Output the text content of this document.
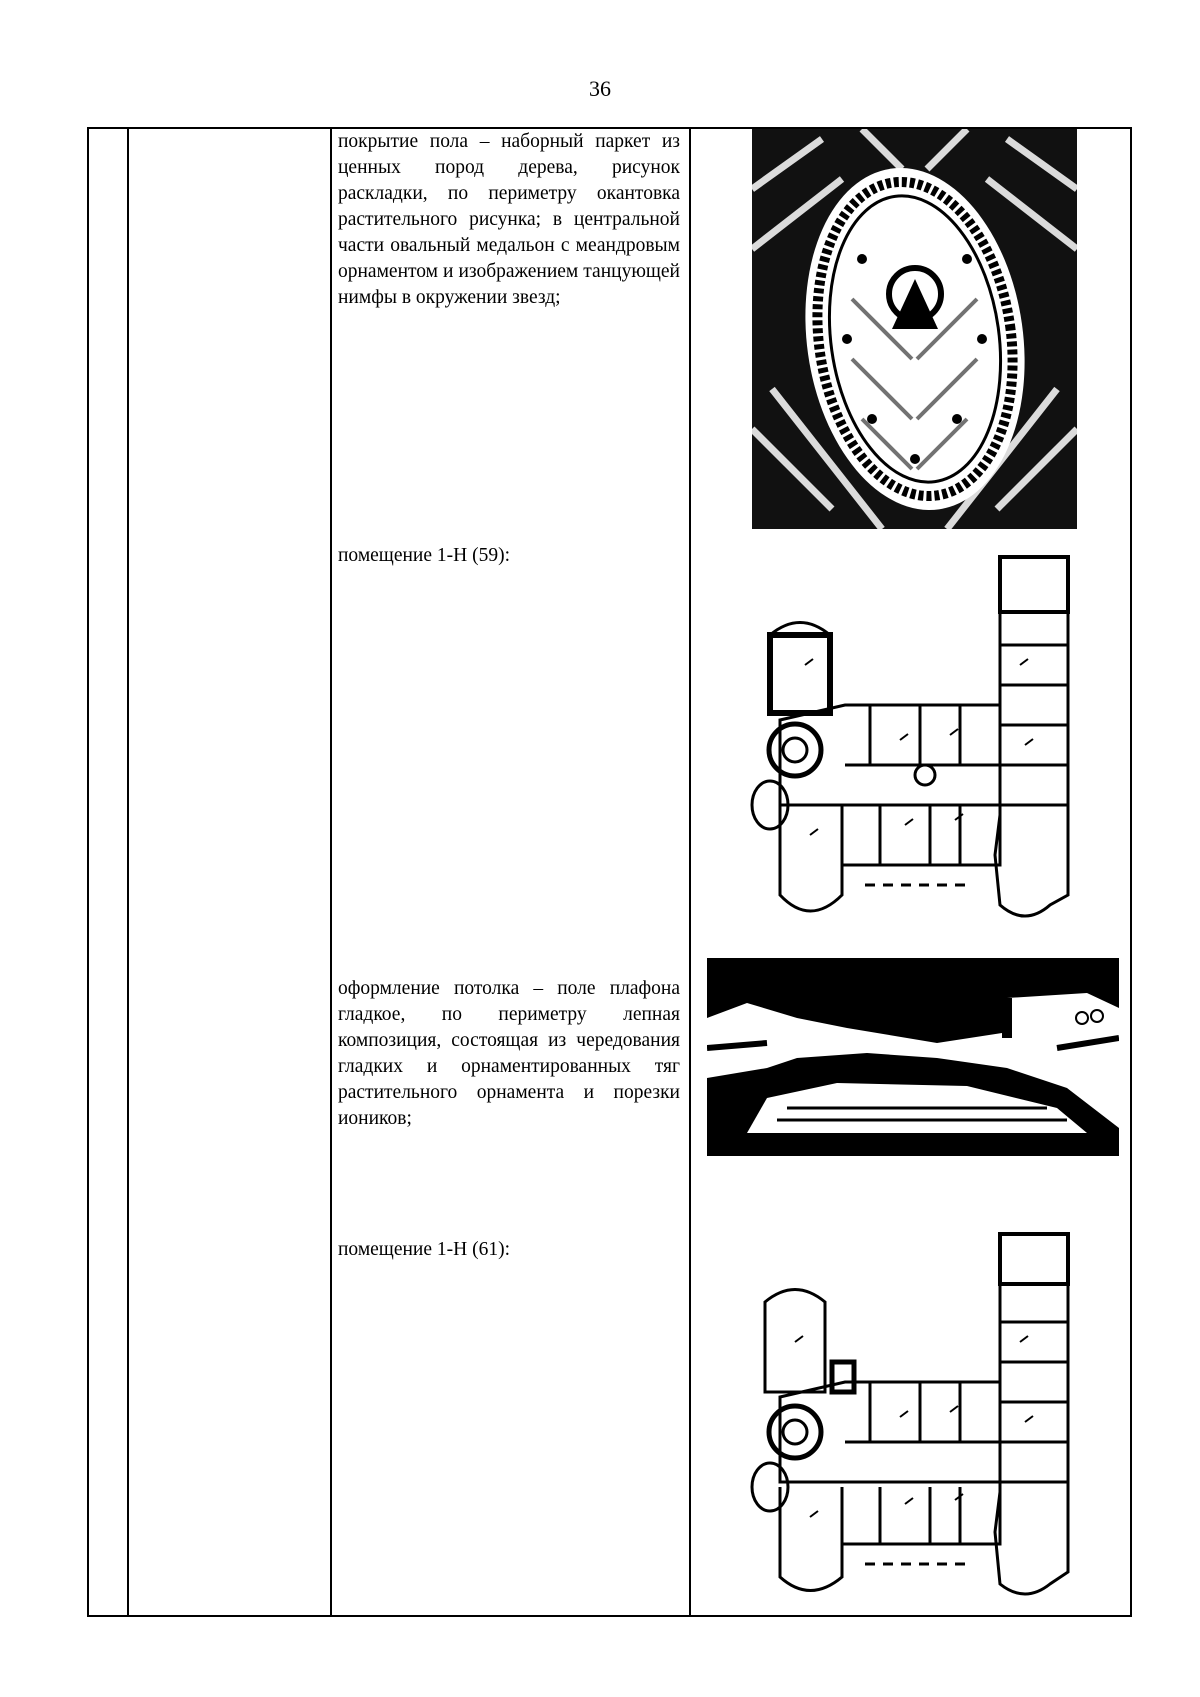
36

покрытие пола – наборный паркет из ценных пород дерева, рисунок раскладки, по периметру окантовка растительного рисунка; в центральной части овальный медальон с меандровым орнаментом и изображением танцующей нимфы в окружении звезд;

помещение 1-Н (59):

оформление потолка – поле плафона гладкое, по периметру лепная композиция, состоящая из чередования гладких и орнаментированных тяг растительного орнамента и порезки иоников;

помещение 1-Н (61):
